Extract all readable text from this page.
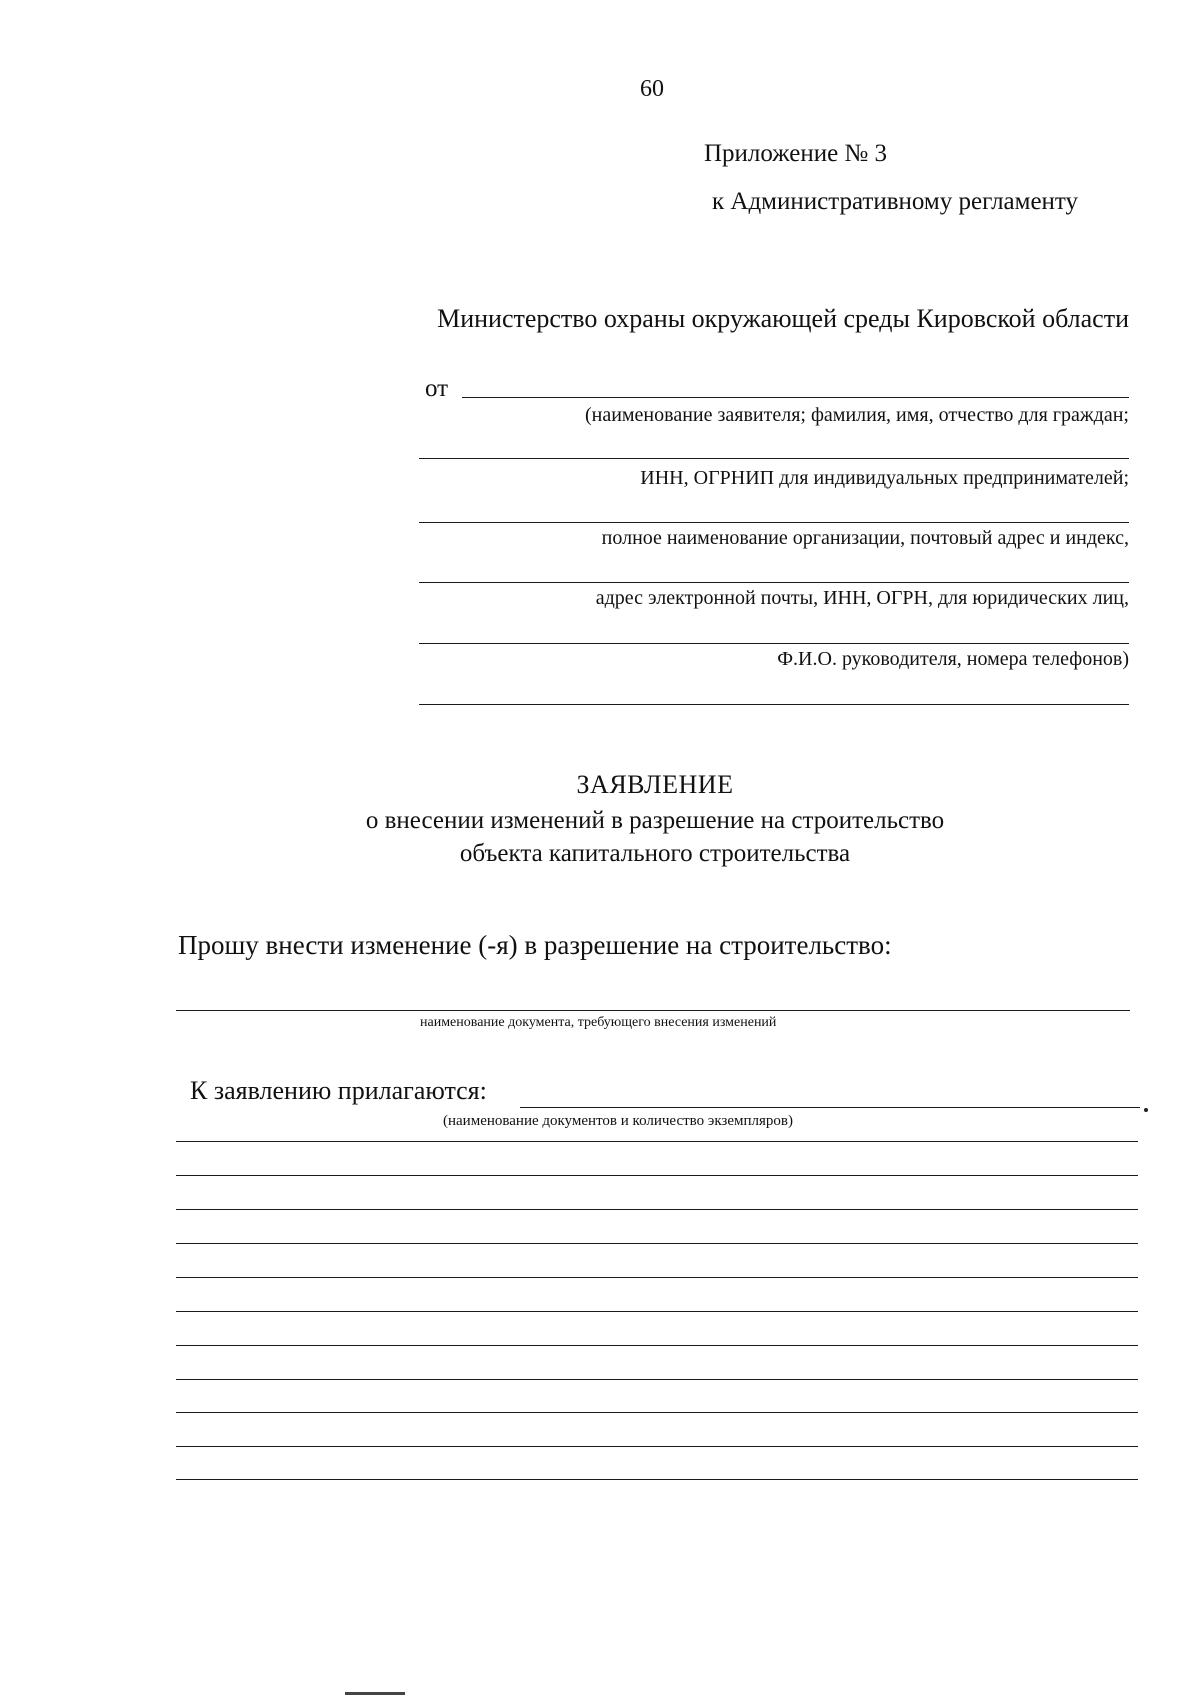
60
Приложение № 3
к Административному регламенту
Министерство охраны окружающей среды Кировской области
от
(наименование заявителя; фамилия, имя, отчество для граждан;
ИНН, ОГРНИП для индивидуальных предпринимателей;
полное наименование организации, почтовый адрес и индекс,
адрес электронной почты, ИНН, ОГРН, для юридических лиц,
Ф.И.О. руководителя, номера телефонов)
ЗАЯВЛЕНИЕ
о внесении изменений в разрешение на строительство
объекта капитального строительства
Прошу внести изменение (-я) в разрешение на строительство:
наименование документа, требующего внесения изменений
К заявлению прилагаются:
(наименование документов и количество экземпляров)
